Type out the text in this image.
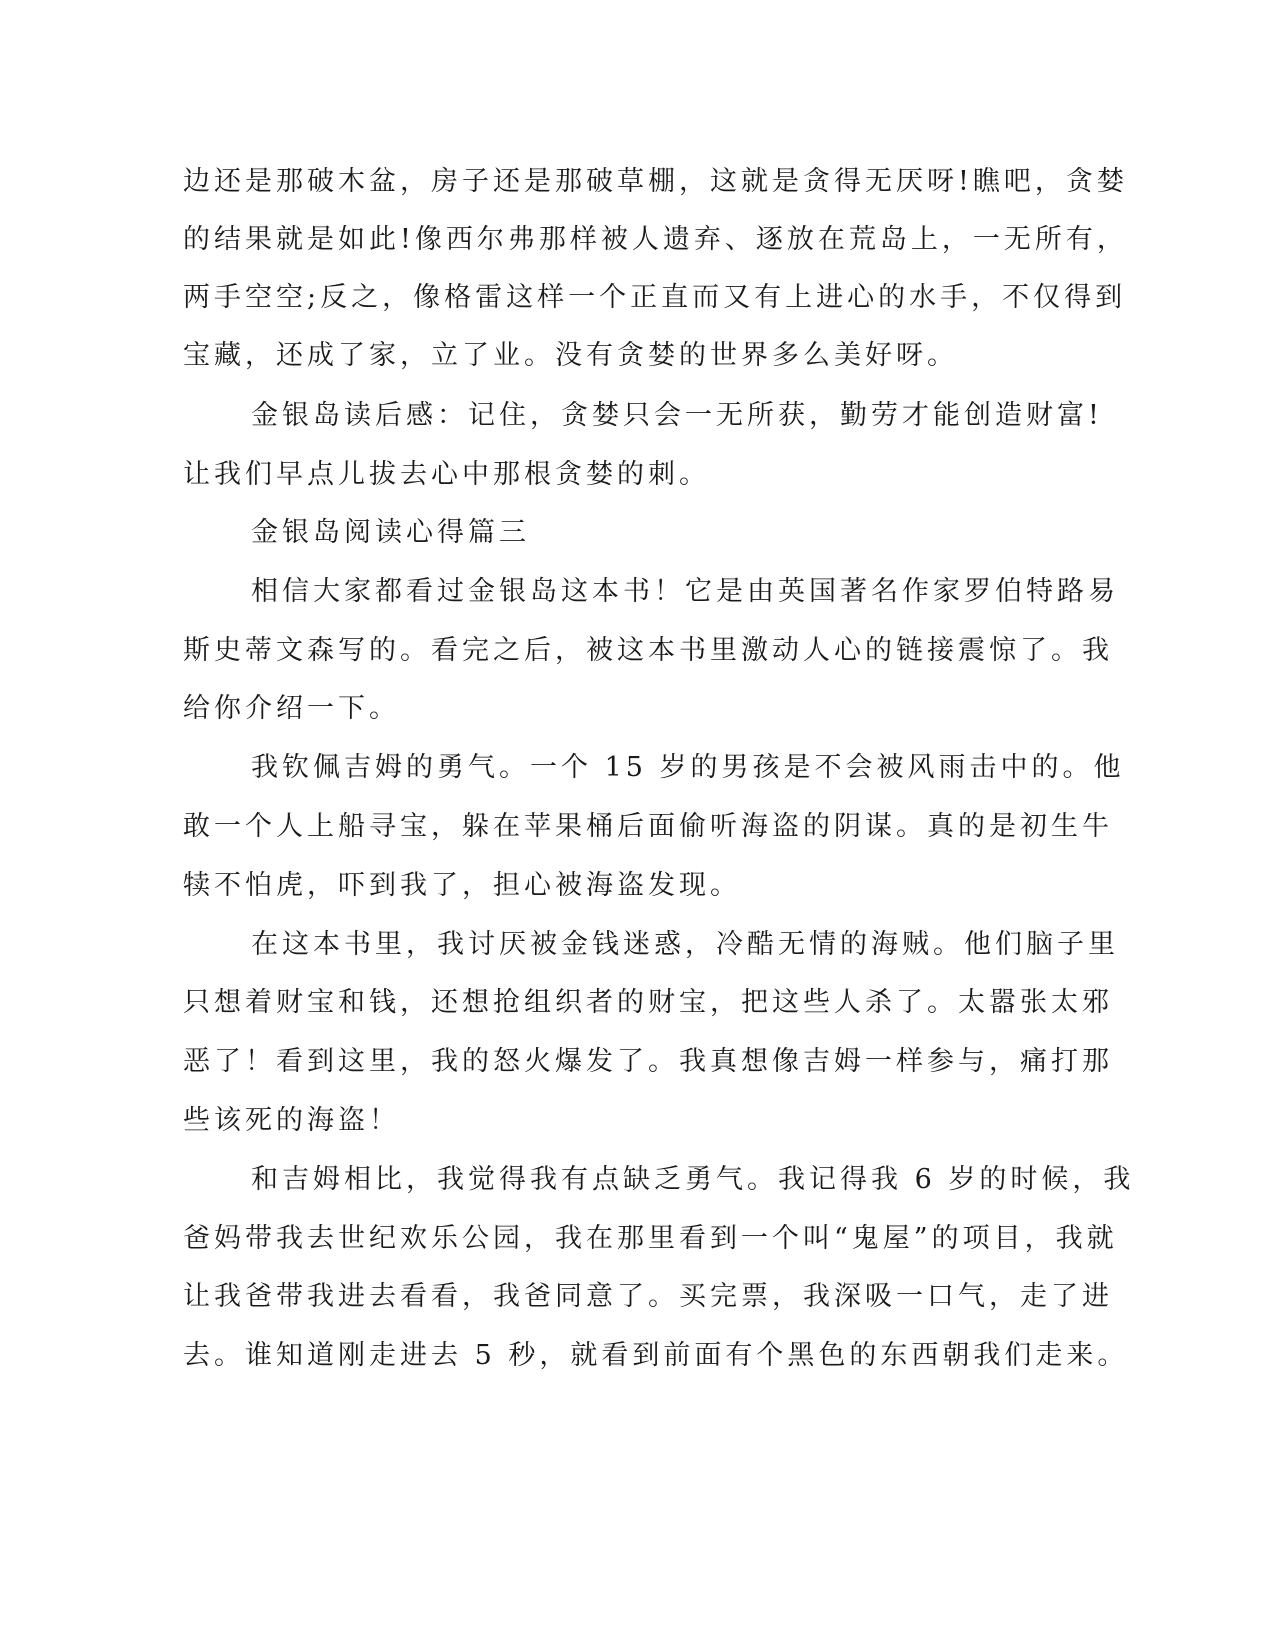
边还是那破木盆，房子还是那破草棚，这就是贪得无厌呀!瞧吧，贪婪
的结果就是如此!像西尔弗那样被人遗弃、逐放在荒岛上，一无所有，
两手空空;反之，像格雷这样一个正直而又有上进心的水手，不仅得到
宝藏，还成了家，立了业。没有贪婪的世界多么美好呀。
金银岛读后感：记住，贪婪只会一无所获，勤劳才能创造财富!
让我们早点儿拔去心中那根贪婪的刺。
金银岛阅读心得篇三
相信大家都看过金银岛这本书！它是由英国著名作家罗伯特路易
斯史蒂文森写的。看完之后，被这本书里激动人心的链接震惊了。我
给你介绍一下。
我钦佩吉姆的勇气。一个 15 岁的男孩是不会被风雨击中的。他
敢一个人上船寻宝，躲在苹果桶后面偷听海盗的阴谋。真的是初生牛
犊不怕虎，吓到我了，担心被海盗发现。
在这本书里，我讨厌被金钱迷惑，冷酷无情的海贼。他们脑子里
只想着财宝和钱，还想抢组织者的财宝，把这些人杀了。太嚣张太邪
恶了！看到这里，我的怒火爆发了。我真想像吉姆一样参与，痛打那
些该死的海盗！
和吉姆相比，我觉得我有点缺乏勇气。我记得我 6 岁的时候，我
爸妈带我去世纪欢乐公园，我在那里看到一个叫“鬼屋”的项目，我就
让我爸带我进去看看，我爸同意了。买完票，我深吸一口气，走了进
去。谁知道刚走进去 5 秒，就看到前面有个黑色的东西朝我们走来。
